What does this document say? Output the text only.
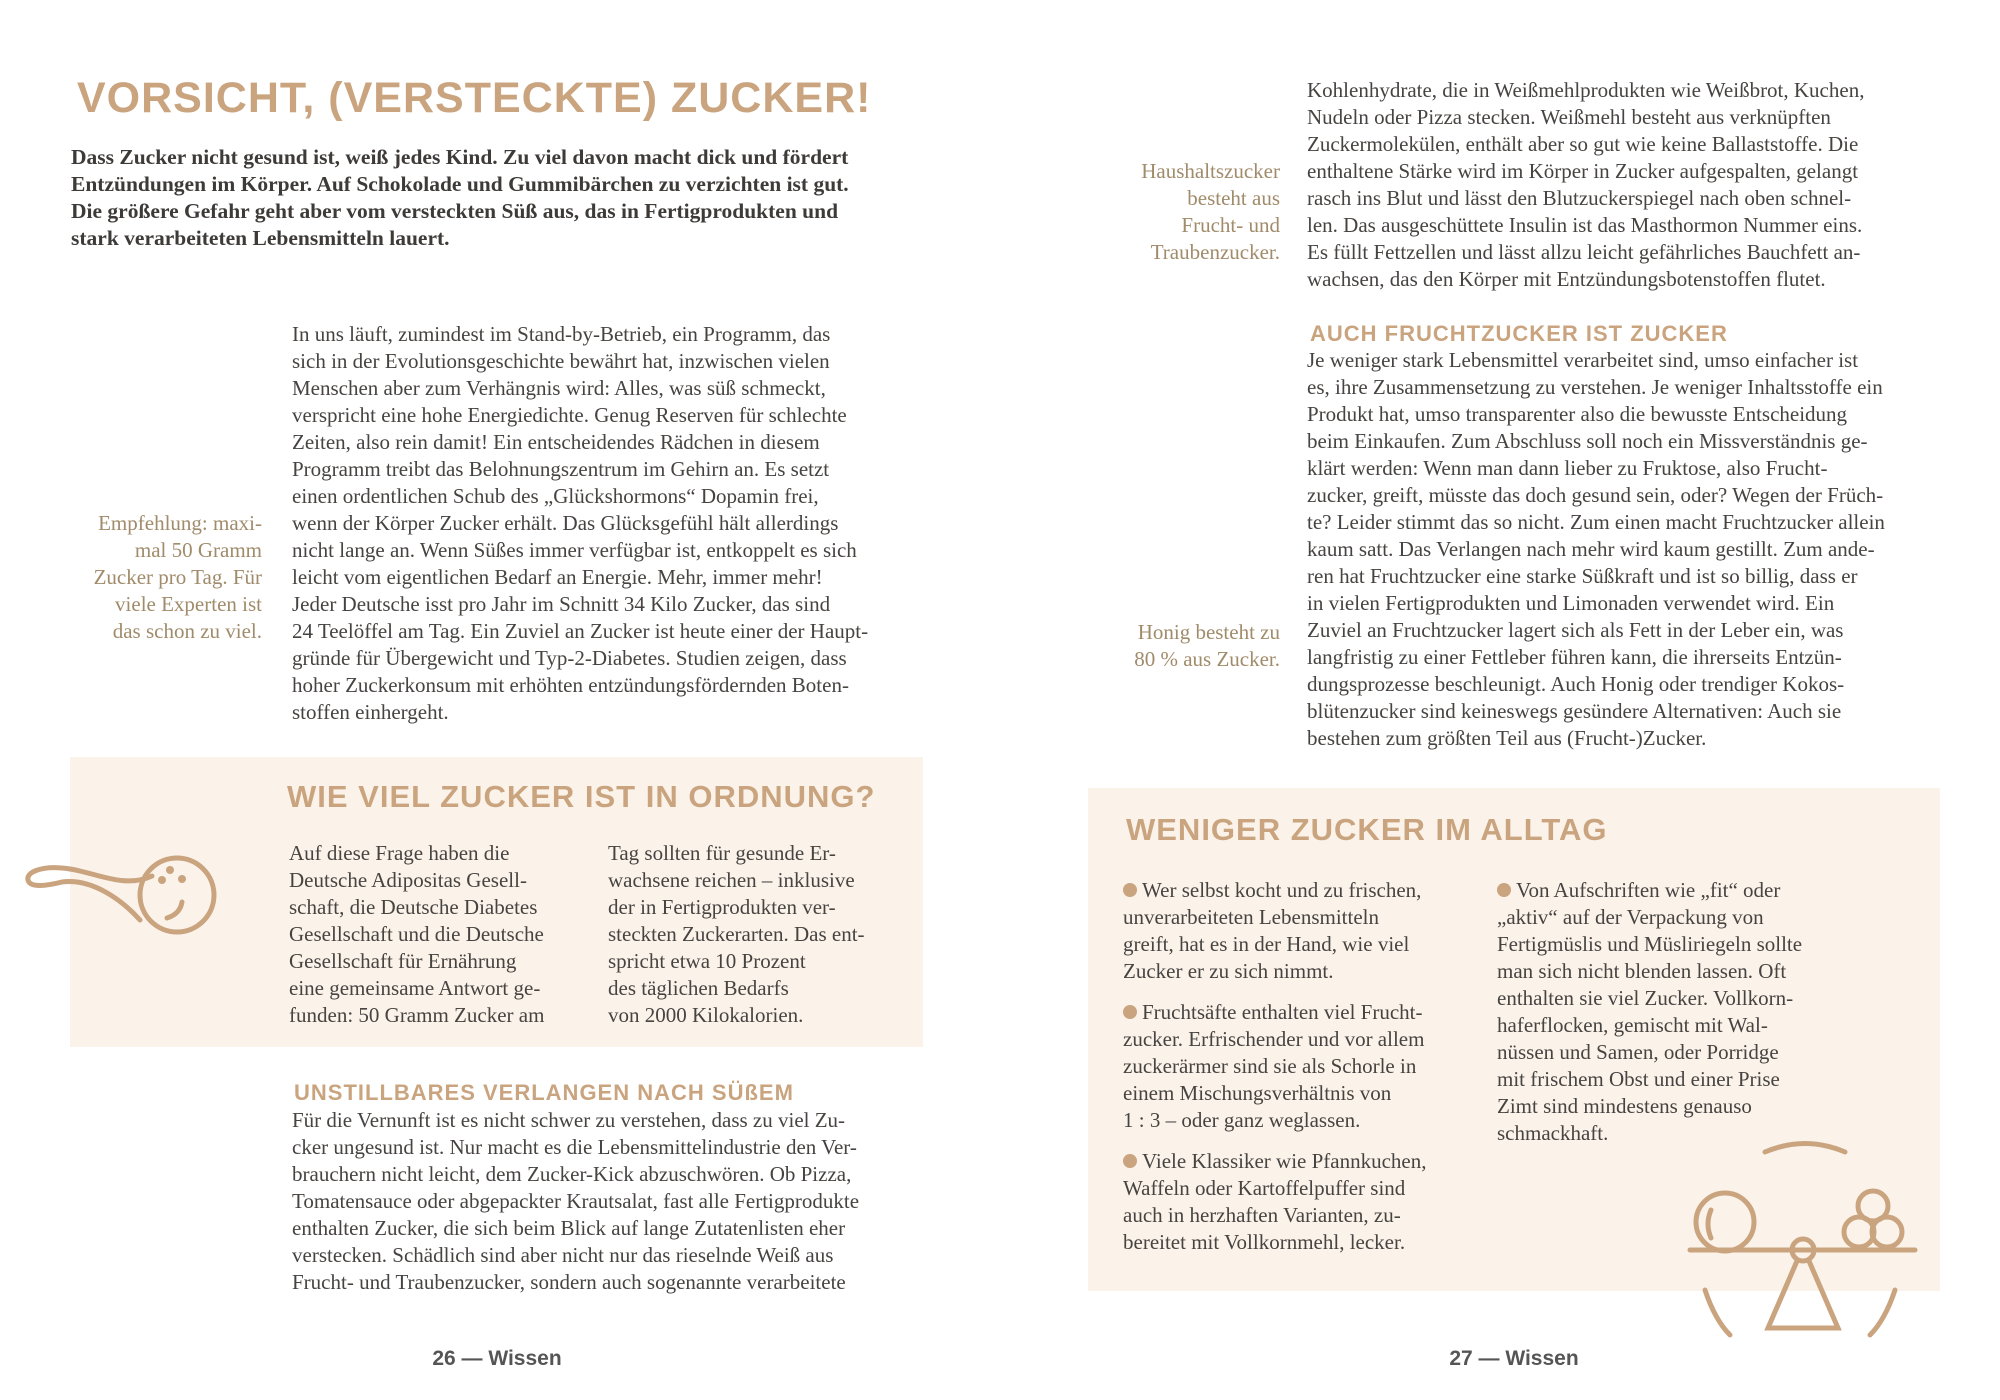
VORSICHT, (VERSTECKTE) ZUCKER!
Dass Zucker nicht gesund ist, weiß jedes Kind. Zu viel davon macht dick und fördert
Entzündungen im Körper. Auf Schokolade und Gummibärchen zu verzichten ist gut.
Die größere Gefahr geht aber vom versteckten Süß aus, das in Fertigprodukten und
stark verarbeiteten Lebensmitteln lauert.
Empfehlung: maxi-
mal 50 Gramm
Zucker pro Tag. Für
viele Experten ist
das schon zu viel.
In uns läuft, zumindest im Stand-by-Betrieb, ein Programm, das
sich in der Evolutionsgeschichte bewährt hat, inzwischen vielen
Menschen aber zum Verhängnis wird: Alles, was süß schmeckt,
verspricht eine hohe Energiedichte. Genug Reserven für schlechte
Zeiten, also rein damit! Ein entscheidendes Rädchen in diesem
Programm treibt das Belohnungszentrum im Gehirn an. Es setzt
einen ordentlichen Schub des „Glückshormons“ Dopamin frei,
wenn der Körper Zucker erhält. Das Glücksgefühl hält allerdings
nicht lange an. Wenn Süßes immer verfügbar ist, entkoppelt es sich
leicht vom eigentlichen Bedarf an Energie. Mehr, immer mehr!
Jeder Deutsche isst pro Jahr im Schnitt 34 Kilo Zucker, das sind
24 Teelöffel am Tag. Ein Zuviel an Zucker ist heute einer der Haupt-
gründe für Übergewicht und Typ-2-Diabetes. Studien zeigen, dass
hoher Zuckerkonsum mit erhöhten entzündungsfördernden Boten-
stoffen einhergeht.
WIE VIEL ZUCKER IST IN ORDNUNG?
Auf diese Frage haben die
Deutsche Adipositas Gesell-
schaft, die Deutsche Diabetes
Gesellschaft und die Deutsche
Gesellschaft für Ernährung
eine gemeinsame Antwort ge-
funden: 50 Gramm Zucker am
Tag sollten für gesunde Er-
wachsene reichen – inklusive
der in Fertigprodukten ver-
steckten Zuckerarten. Das ent-
spricht etwa 10 Prozent
des täglichen Bedarfs
von 2000 Kilokalorien.
UNSTILLBARES VERLANGEN NACH SÜßEM
Für die Vernunft ist es nicht schwer zu verstehen, dass zu viel Zu-
cker ungesund ist. Nur macht es die Lebensmittelindustrie den Ver-
brauchern nicht leicht, dem Zucker-Kick abzuschwören. Ob Pizza,
Tomatensauce oder abgepackter Krautsalat, fast alle Fertigprodukte
enthalten Zucker, die sich beim Blick auf lange Zutatenlisten eher
verstecken. Schädlich sind aber nicht nur das rieselnde Weiß aus
Frucht- und Traubenzucker, sondern auch sogenannte verarbeitete
26 — Wissen
Kohlenhydrate, die in Weißmehlprodukten wie Weißbrot, Kuchen,
Nudeln oder Pizza stecken. Weißmehl besteht aus verknüpften
Zuckermolekülen, enthält aber so gut wie keine Ballaststoffe. Die
enthaltene Stärke wird im Körper in Zucker aufgespalten, gelangt
rasch ins Blut und lässt den Blutzuckerspiegel nach oben schnel-
len. Das ausgeschüttete Insulin ist das Masthormon Nummer eins.
Es füllt Fettzellen und lässt allzu leicht gefährliches Bauchfett an-
wachsen, das den Körper mit Entzündungsbotenstoffen flutet.
Haushaltszucker
besteht aus
Frucht- und
Traubenzucker.
AUCH FRUCHTZUCKER IST ZUCKER
Je weniger stark Lebensmittel verarbeitet sind, umso einfacher ist
es, ihre Zusammensetzung zu verstehen. Je weniger Inhaltsstoffe ein
Produkt hat, umso transparenter also die bewusste Entscheidung
beim Einkaufen. Zum Abschluss soll noch ein Missverständnis ge-
klärt werden: Wenn man dann lieber zu Fruktose, also Frucht-
zucker, greift, müsste das doch gesund sein, oder? Wegen der Früch-
te? Leider stimmt das so nicht. Zum einen macht Fruchtzucker allein
kaum satt. Das Verlangen nach mehr wird kaum gestillt. Zum ande-
ren hat Fruchtzucker eine starke Süßkraft und ist so billig, dass er
in vielen Fertigprodukten und Limonaden verwendet wird. Ein
Zuviel an Fruchtzucker lagert sich als Fett in der Leber ein, was
langfristig zu einer Fettleber führen kann, die ihrerseits Entzün-
dungsprozesse beschleunigt. Auch Honig oder trendiger Kokos-
blütenzucker sind keineswegs gesündere Alternativen: Auch sie
bestehen zum größten Teil aus (Frucht-)Zucker.
Honig besteht zu
80 % aus Zucker.
WENIGER ZUCKER IM ALLTAG

Wer selbst kocht und zu frischen,
unverarbeiteten Lebensmitteln
greift, hat es in der Hand, wie viel
Zucker er zu sich nimmt.

Fruchtsäfte enthalten viel Frucht-
zucker. Erfrischender und vor allem
zuckerärmer sind sie als Schorle in
einem Mischungsverhältnis von
1 : 3 – oder ganz weglassen.

Viele Klassiker wie Pfannkuchen,
Waffeln oder Kartoffelpuffer sind
auch in herzhaften Varianten, zu-
bereitet mit Vollkornmehl, lecker.

Von Aufschriften wie „fit“ oder
„aktiv“ auf der Verpackung von
Fertigmüslis und Müsliriegeln sollte
man sich nicht blenden lassen. Oft
enthalten sie viel Zucker. Vollkorn-
haferflocken, gemischt mit Wal-
nüssen und Samen, oder Porridge
mit frischem Obst und einer Prise
Zimt sind mindestens genauso
schmackhaft.

27 — Wissen
